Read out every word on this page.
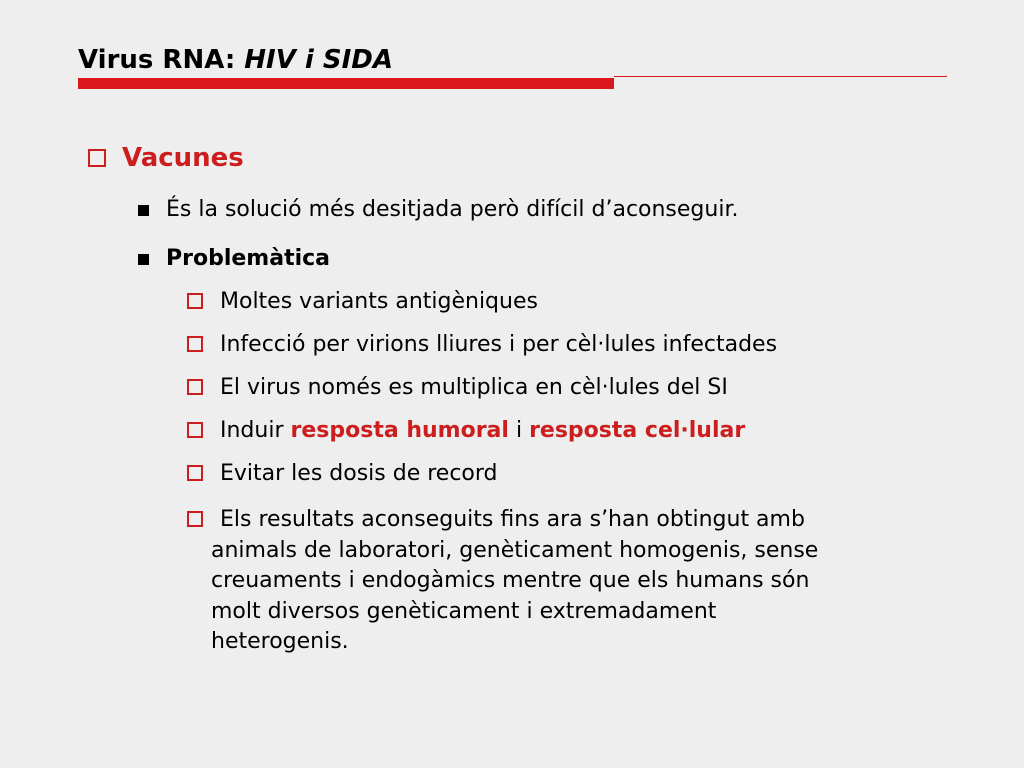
Virus RNA: HIV i SIDA
Vacunes
És la solució més desitjada però difícil d’aconseguir.
Problemàtica
Moltes variants antigèniques
Infecció per virions lliures i per cèl·lules infectades
El virus només es multiplica en cèl·lules del SI
Induir resposta humoral i resposta cel·lular
Evitar les dosis de record
Els resultats aconseguits fins ara s’han obtingut amb
animals de laboratori, genèticament homogenis, sense
creuaments i endogàmics mentre que els humans són
molt diversos genèticament i extremadament
heterogenis.
